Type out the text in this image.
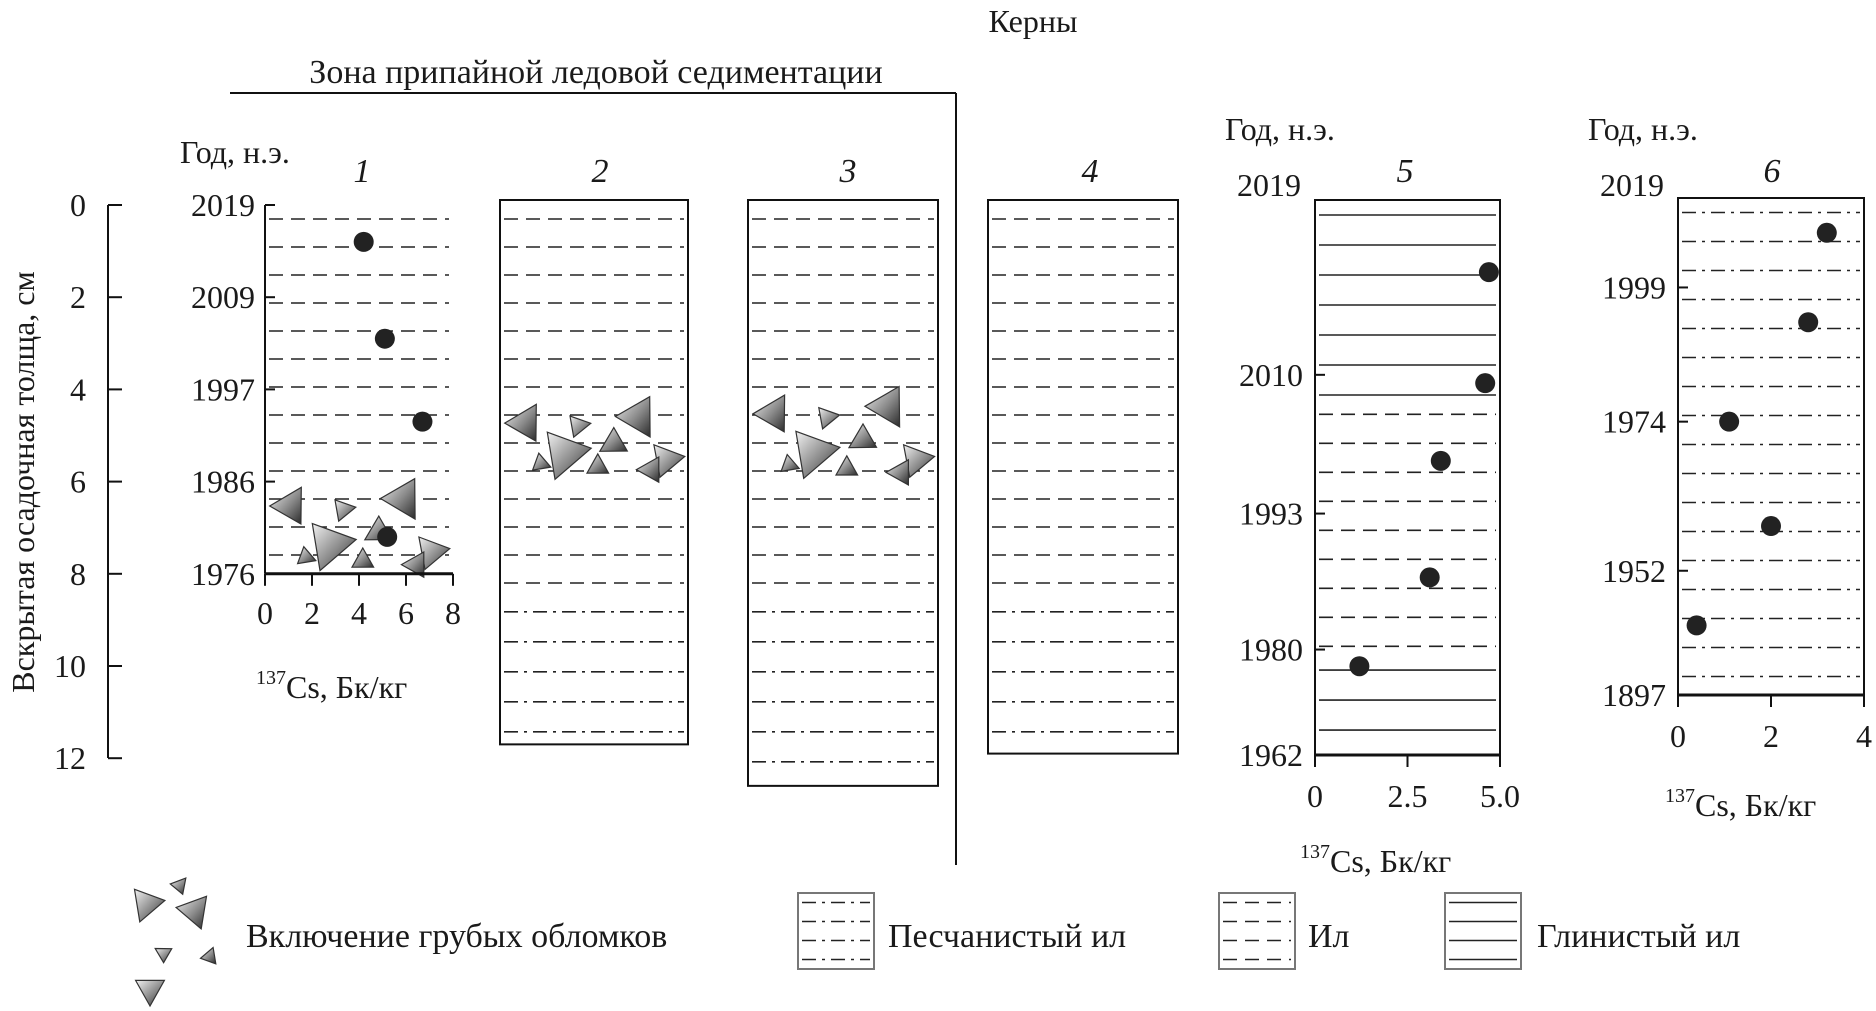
Керны
Зона припайной ледовой седиментации
Вскрытая осадочная толща, см
0
2
4
6
8
10
12
Год, н.э.
Год, н.э.	Год, н.э.
1	2	3	4
2019
2009
1997
1986
1976
5
2019
2010
1993
1980
1962
6
2019
1999
1974
1952
1897
0 2 4 6 8
$^{137}$Cs, Бк/кг
0 2.5 5.0
$^{137}$Cs, Бк/кг
0 2 4
$^{137}$Cs, Бк/кг
Включение грубых обломков	Песчанистый ил	Ил	Глинистый ил
